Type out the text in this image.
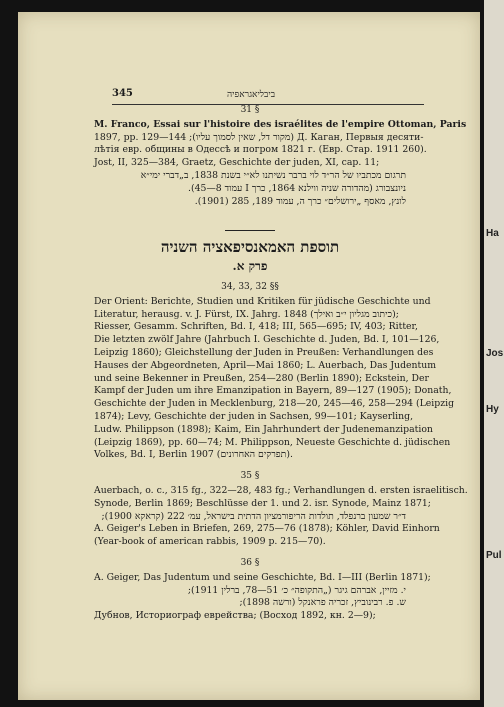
345	ביבליאגראפיה
31 §
M. Franco, Essai sur l'histoire des israélites de l'empire Ottoman, Paris
1897, pp. 129—144 ;(מקור דל, שאין לסמוך עליו) Д. Каган, Первыя десяти-
лѣтія евр. общины в Одессѣ и погром 1821 г. (Евр. Стар. 1911 260).
Jost, II, 325—384, Graetz, Geschichte der juden, XI, cap. 11;
תרגום מכתביו של הר״ד לוי ברבר נשיתנו לא״י בשנת 1838, ב„דברי ימי״א
ניונצבורג (מהדורה שניה ווילנא 1864, כרך I עמוד 8—45).
לונץ, מאסף „ירושלים״ כרך ה, עמוד 189, 285 (1901).
תוספת האמאנסיפאציה השניה
פרק א.
34, 33, 32 §§
Der Orient: Berichte, Studien und Kritiken für jüdische Geschichte und
Literatur, herausg. v. J. Fürst, IX. Jahrg. 1848 (כיתוב מגליון י״ב ואילך);
Riesser, Gesamm. Schriften, Bd. I, 418; III, 565—695; IV, 403; Ritter,
Die letzten zwölf Jahre (Jahrbuch I. Geschichte d. Juden, Bd. I, 101—126,
Leipzig 1860); Gleichstellung der Juden in Preußen: Verhandlungen des
Hauses der Abgeordneten, April—Mai 1860; L. Auerbach, Das Judentum
und seine Bekenner in Preußen, 254—280 (Berlin 1890); Eckstein, Der
Kampf der Juden um ihre Emanzipation in Bayern, 89—127 (1905); Donath,
Geschichte der Juden in Mecklenburg, 218—20, 245—46, 258—294 (Leipzig
1874); Levy, Geschichte der juden in Sachsen, 99—101; Kayserling,
Ludw. Philippson (1898); Kaim, Ein Jahrhundert der Judenemanzipation
(Leipzig 1869), pp. 60—74; M. Philippson, Neueste Geschichte d. jüdischen
Volkes, Bd. I, Berlin 1907 (תפרקים האחרונים).
35 §
Auerbach, o. c., 315 fg., 322—28, 483 fg.; Verhandlungen d. ersten israelitisch.
Synode, Berlin 1869; Beschlüsse der 1. und 2. isr. Synode, Mainz 1871;
ד״ר שמעון ברנפלד, תולדות הריפורמציון הדתית בישראל, עמ׳ 222 (קראקא 1900);
A. Geiger's Leben in Briefen, 269, 275—76 (1878); Köhler, David Einhorn
(Year-book of american rabbis, 1909 p. 215—70).
36 §
A. Geiger, Das Judentum und seine Geschichte, Bd. I—III (Berlin 1871);
י. מזיין, אברהם גיגר („התקופה״ כ׳ 51—78, ברלין 1911);
ש. פ. רבינוביץ, זכריה פראנקל (ורשה 1898);
Дубнов, Историограф еврейства; (Восход 1892, кн. 2—9);
Ha
Jos
Hy
Pul
